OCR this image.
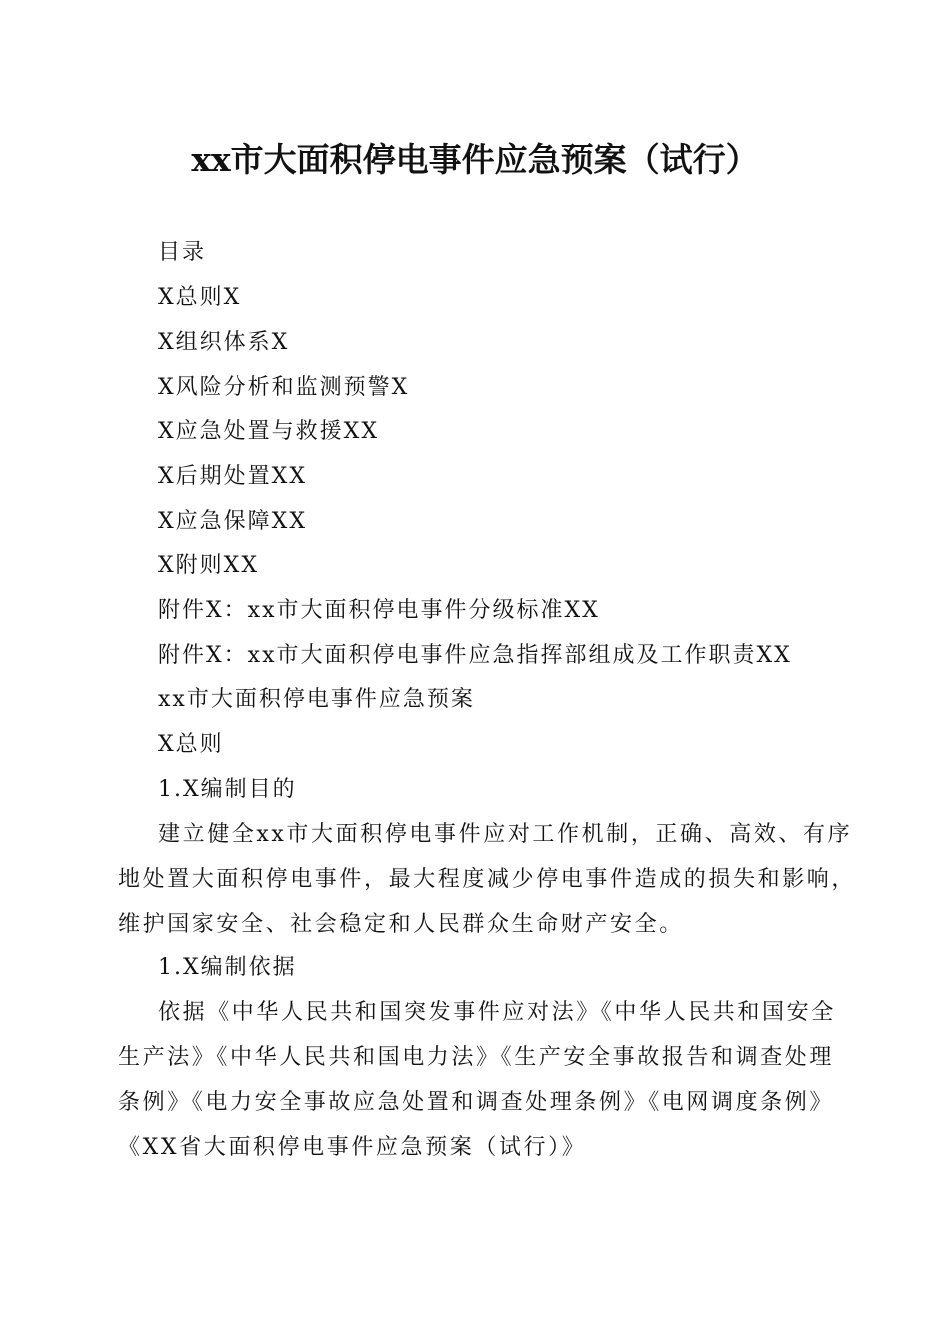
xx市大面积停电事件应急预案（试行）
目录
X总则X
X组织体系X
X风险分析和监测预警X
X应急处置与救援XX
X后期处置XX
X应急保障XX
X附则XX
附件X：xx市大面积停电事件分级标准XX
附件X：xx市大面积停电事件应急指挥部组成及工作职责XX
xx市大面积停电事件应急预案
X总则
1.X编制目的
建立健全xx市大面积停电事件应对工作机制，正确、高效、有序地处置大面积停电事件，最大程度减少停电事件造成的损失和影响，维护国家安全、社会稳定和人民群众生命财产安全。
1.X编制依据
依据《中华人民共和国突发事件应对法》《中华人民共和国安全生产法》《中华人民共和国电力法》《生产安全事故报告和调查处理条例》《电力安全事故应急处置和调查处理条例》《电网调度条例》《XX省大面积停电事件应急预案（试行）》
